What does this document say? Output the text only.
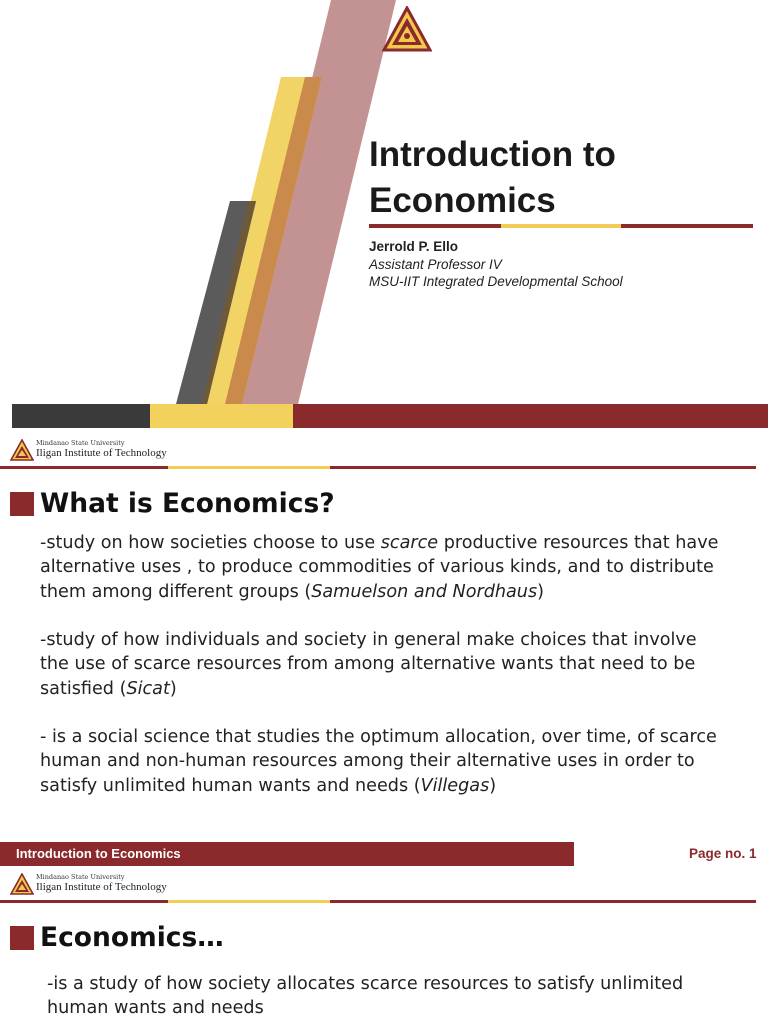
Introduction to
Economics
Jerrold P. Ello
Assistant Professor IV
MSU-IIT Integrated Developmental School
Mindanao State University
Iligan Institute of Technology
What is Economics?

-study on how societies choose to use scarce productive resources that have alternative uses , to produce commodities of various kinds, and to distribute them among different groups (Samuelson and Nordhaus)

-study of how individuals and society in general make choices that involve the use of scarce resources from among alternative wants that need to be satisfied (Sicat)

- is a social science that studies the optimum allocation, over time, of scarce human and non-human resources among their alternative uses in order to satisfy unlimited human wants and needs (Villegas)

Introduction to Economics	Page no. 1
Mindanao State University
Iligan Institute of Technology
Economics…

-is a study of how society allocates scarce resources to satisfy unlimited human wants and needs
